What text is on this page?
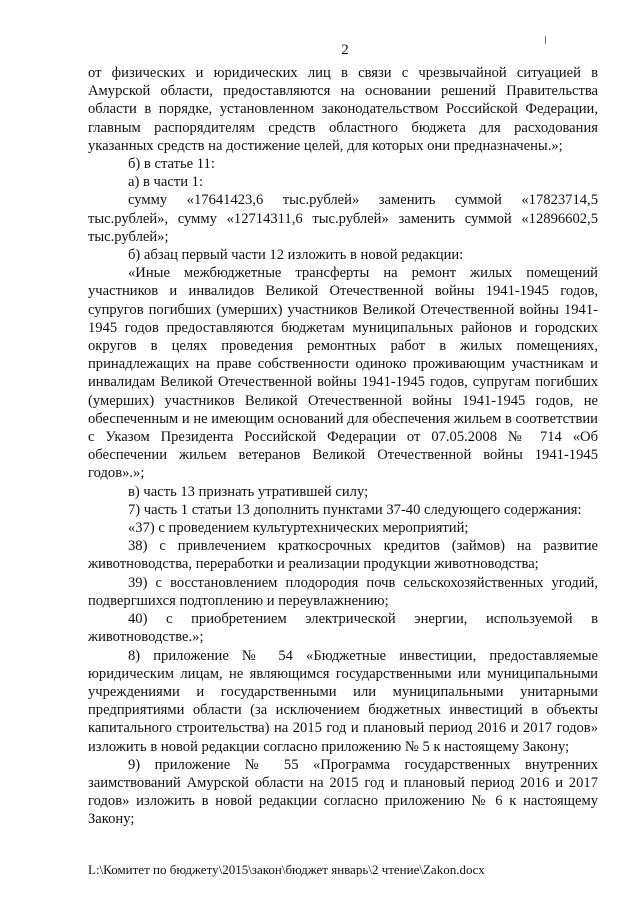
2

от физических и юридических лиц в связи с чрезвычайной ситуацией в Амурской области, предоставляются на основании решений Правительства области в порядке, установленном законодательством Российской Федерации, главным распорядителям средств областного бюджета для расходования указанных средств на достижение целей, для которых они предназначены.»;

б) в статье 11:

а) в части 1:

сумму «17641423,6 тыс.рублей» заменить суммой «17823714,5 тыс.рублей», сумму «12714311,6 тыс.рублей» заменить суммой «12896602,5 тыс.рублей»;

б) абзац первый части 12 изложить в новой редакции:

«Иные межбюджетные трансферты на ремонт жилых помещений участников и инвалидов Великой Отечественной войны 1941-1945 годов, супругов погибших (умерших) участников Великой Отечественной войны 1941-1945 годов предоставляются бюджетам муниципальных районов и городских округов в целях проведения ремонтных работ в жилых помещениях, принадлежащих на праве собственности одиноко проживающим участникам и инвалидам Великой Отечественной войны 1941-1945 годов, супругам погибших (умерших) участников Великой Отечественной войны 1941-1945 годов, не обеспеченным и не имеющим оснований для обеспечения жильем в соответствии с Указом Президента Российской Федерации от 07.05.2008 № 714 «Об обеспечении жильем ветеранов Великой Отечественной войны 1941-1945 годов».»;

в) часть 13 признать утратившей силу;

7) часть 1 статьи 13 дополнить пунктами 37-40 следующего содержания:

«37) с проведением культуртехнических мероприятий;

38) с привлечением краткосрочных кредитов (займов) на развитие животноводства, переработки и реализации продукции животноводства;

39) с восстановлением плодородия почв сельскохозяйственных угодий, подвергшихся подтоплению и переувлажнению;

40) с приобретением электрической энергии, используемой в животноводстве.»;

8) приложение № 54 «Бюджетные инвестиции, предоставляемые юридическим лицам, не являющимся государственными или муниципальными учреждениями и государственными или муниципальными унитарными предприятиями области (за исключением бюджетных инвестиций в объекты капитального строительства) на 2015 год и плановый период 2016 и 2017 годов» изложить в новой редакции согласно приложению № 5 к настоящему Закону;

9) приложение № 55 «Программа государственных внутренних заимствований Амурской области на 2015 год и плановый период 2016 и 2017 годов» изложить в новой редакции согласно приложению № 6 к настоящему Закону;

L:\Комитет по бюджету\2015\закон\бюджет январь\2 чтение\Zakon.docx
